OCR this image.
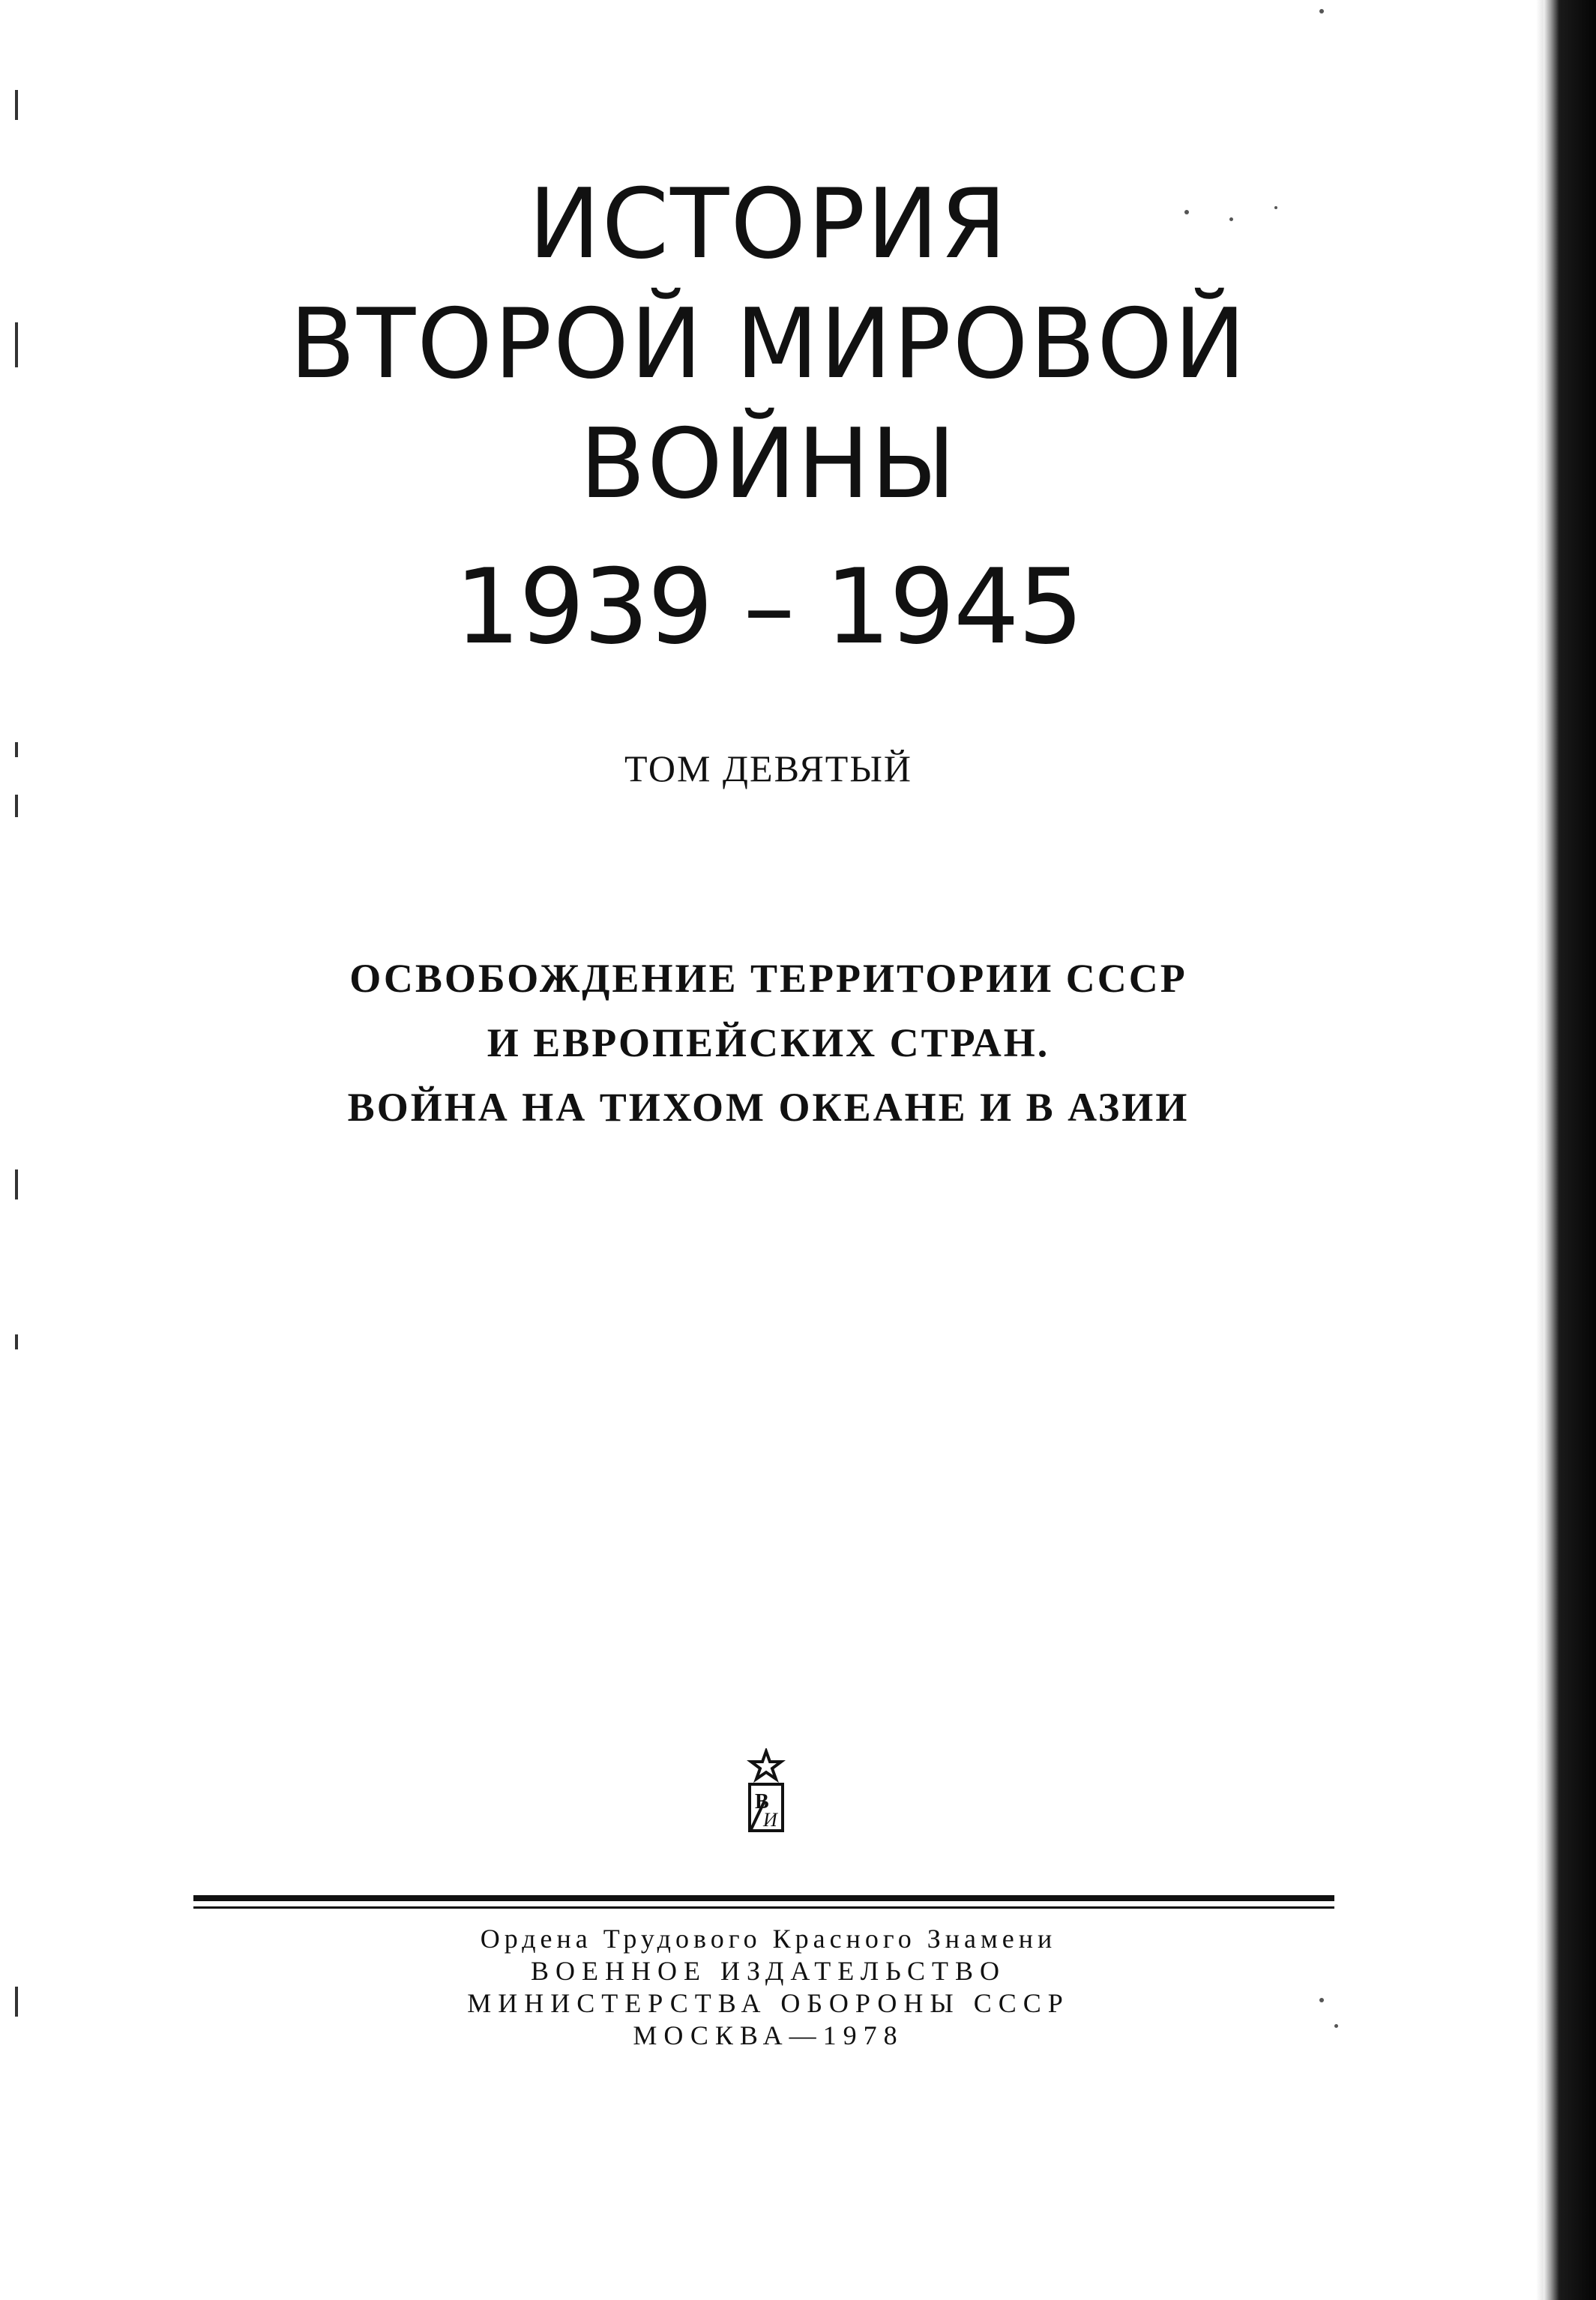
ИСТОРИЯ
ВТОРОЙ МИРОВОЙ
ВОЙНЫ
1939 – 1945
ТОМ ДЕВЯТЫЙ
ОСВОБОЖДЕНИЕ ТЕРРИТОРИИ СССР
И ЕВРОПЕЙСКИХ СТРАН.
ВОЙНА НА ТИХОМ ОКЕАНЕ И В АЗИИ
В
И
Ордена Трудового Красного Знамени
ВОЕННОЕ ИЗДАТЕЛЬСТВО
МИНИСТЕРСТВА ОБОРОНЫ СССР
МОСКВА—1978
